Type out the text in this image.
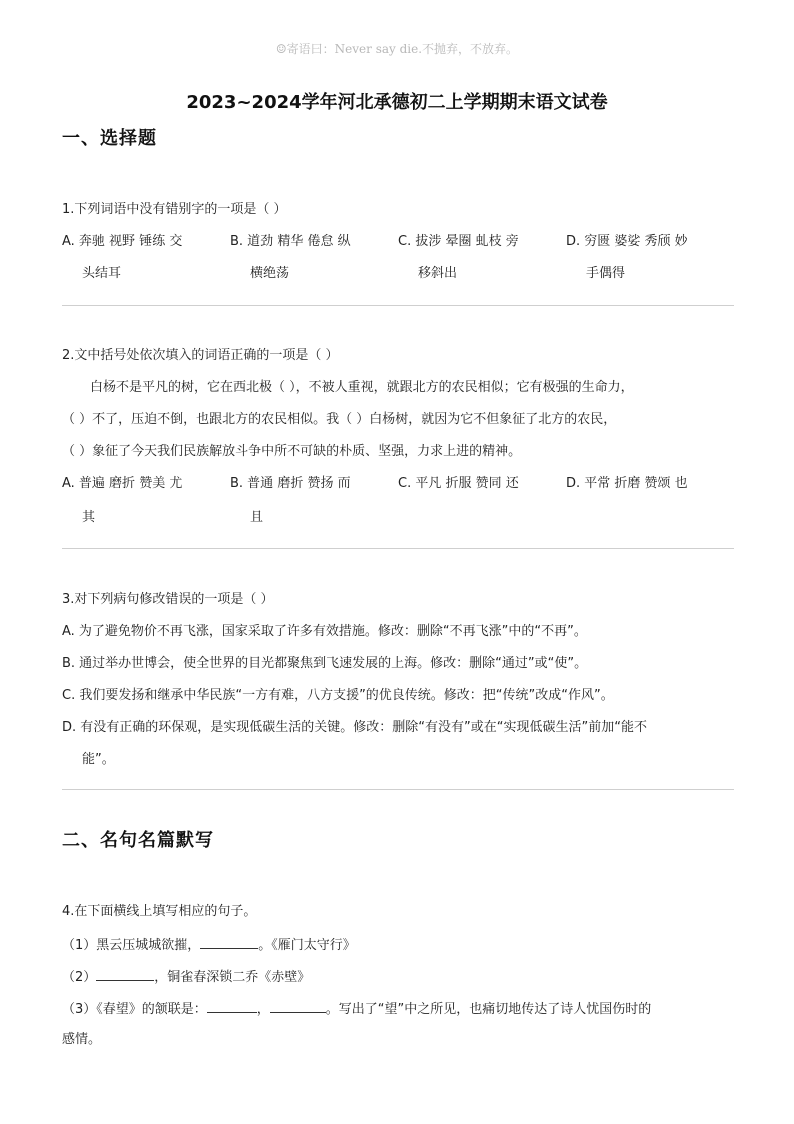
☺寄语曰：Never say die.不抛弃，不放弃。
2023~2024学年河北承德初二上学期期末语文试卷
一、选择题
1.下列词语中没有错别字的一项是（ ）
A. 奔驰 视野 锤练 交
头结耳
B. 道劲 精华 倦怠 纵
横绝荡
C. 拔涉 晕圈 虬枝 旁
移斜出
D. 穷匮 婆娑 秀颀 妙
手偶得
2.文中括号处依次填入的词语正确的一项是（ ）
白杨不是平凡的树，它在西北极（ ），不被人重视，就跟北方的农民相似；它有极强的生命力，
（ ）不了，压迫不倒，也跟北方的农民相似。我（ ）白杨树，就因为它不但象征了北方的农民，
（ ）象征了今天我们民族解放斗争中所不可缺的朴质、坚强，力求上进的精神。
A. 普遍 磨折 赞美 尤
其
B. 普通 磨折 赞扬 而
且
C. 平凡 折服 赞同 还	D. 平常 折磨 赞颂 也
3.对下列病句修改错误的一项是（ ）
A. 为了避免物价不再飞涨，国家采取了许多有效措施。修改：删除“不再飞涨”中的“不再”。
B. 通过举办世博会，使全世界的目光都聚焦到飞速发展的上海。修改：删除“通过”或“使”。
C. 我们要发扬和继承中华民族“一方有难，八方支援”的优良传统。修改：把“传统”改成“作风”。
D. 有没有正确的环保观，是实现低碳生活的关键。修改：删除“有没有”或在“实现低碳生活”前加“能不
能”。
二、名句名篇默写
4.在下面横线上填写相应的句子。
（1）黑云压城城欲摧，	。《雁门太守行》
（2）	，铜雀春深锁二乔《赤壁》
（3）《春望》的颔联是：	，	。写出了“望”中之所见，也痛切地传达了诗人忧国伤时的
感情。
